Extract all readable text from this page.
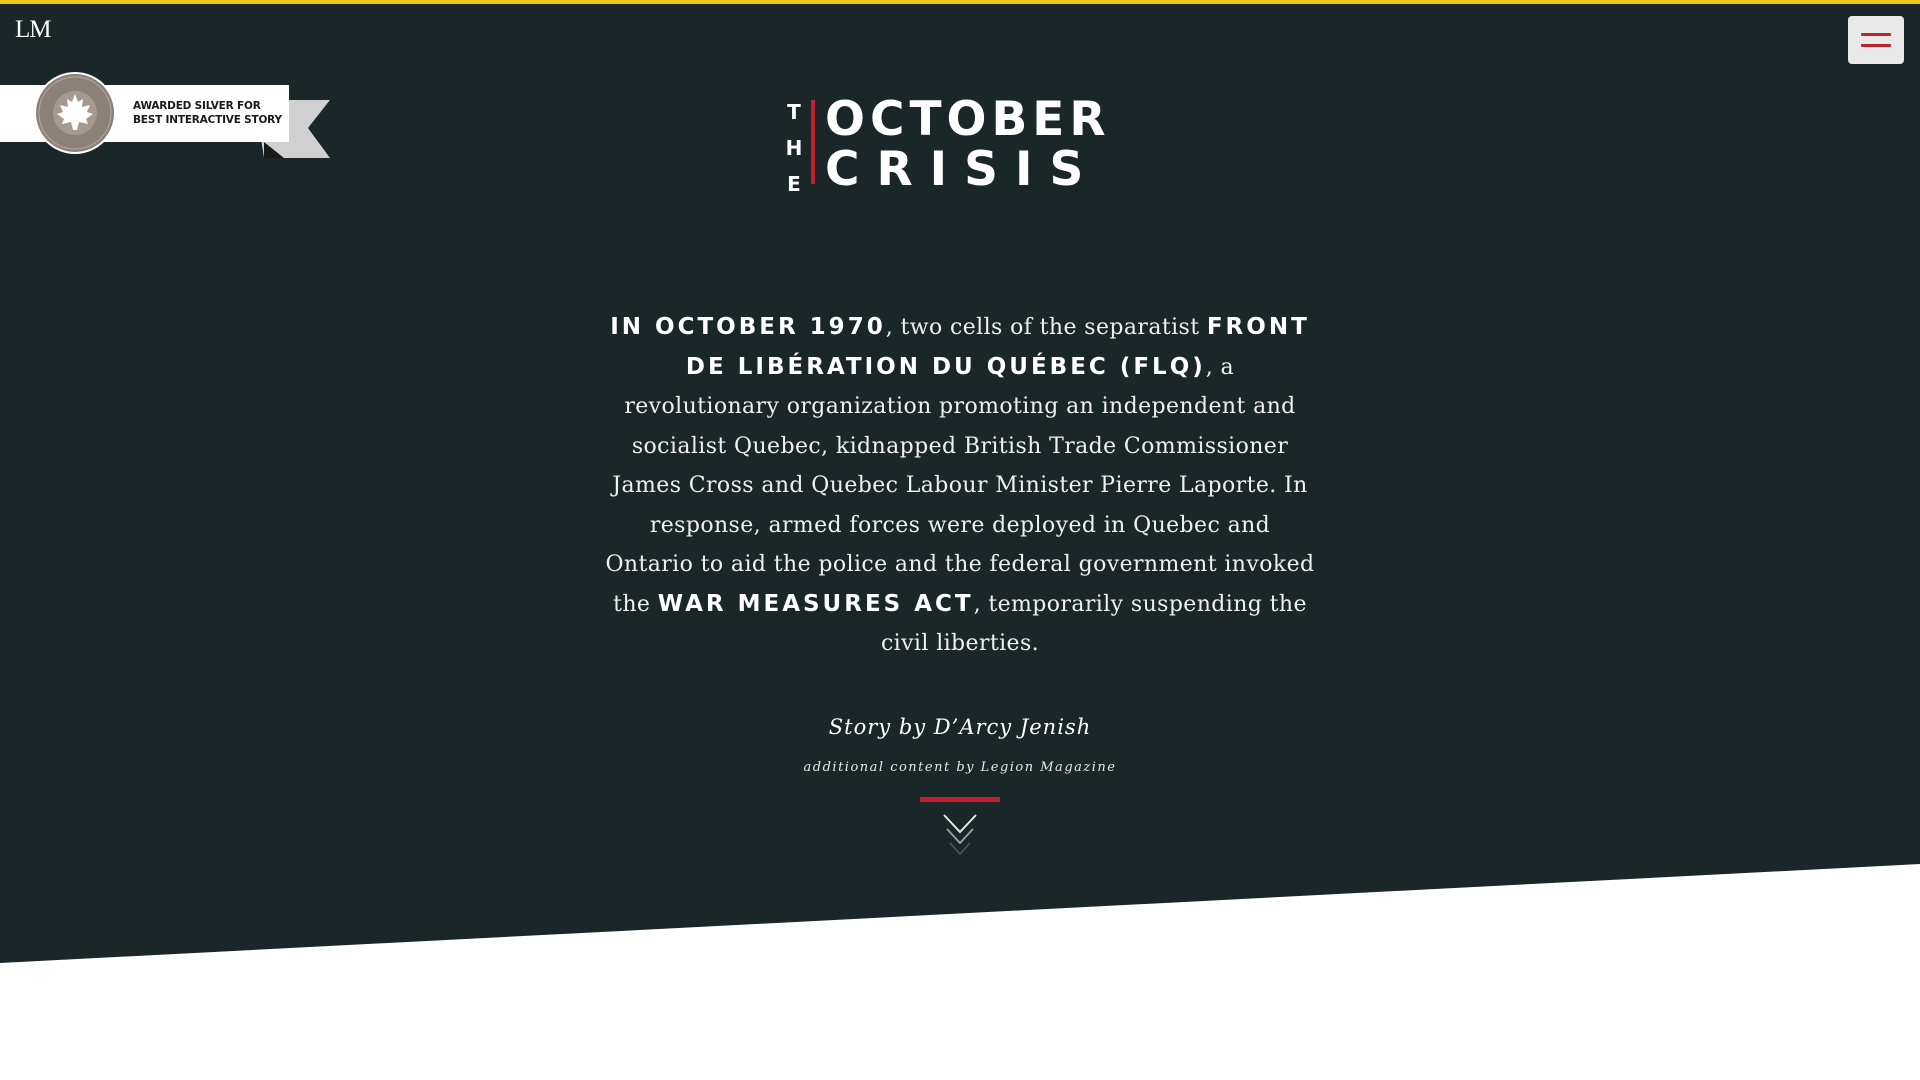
LM
AWARDED SILVER FOR
BEST INTERACTIVE STORY	T
H
E
OCTOBER
CRISIS

IN OCTOBER 1970, two cells of the separatist FRONT DE LIBÉRATION DU QUÉBEC (FLQ), a revolutionary organization promoting an independent and socialist Quebec, kidnapped British Trade Commissioner James Cross and Quebec Labour Minister Pierre Laporte. In response, armed forces were deployed in Quebec and Ontario to aid the police and the federal government invoked the WAR MEASURES ACT, temporarily suspending the civil liberties.

Story by D’Arcy Jenish
additional content by Legion Magazine
